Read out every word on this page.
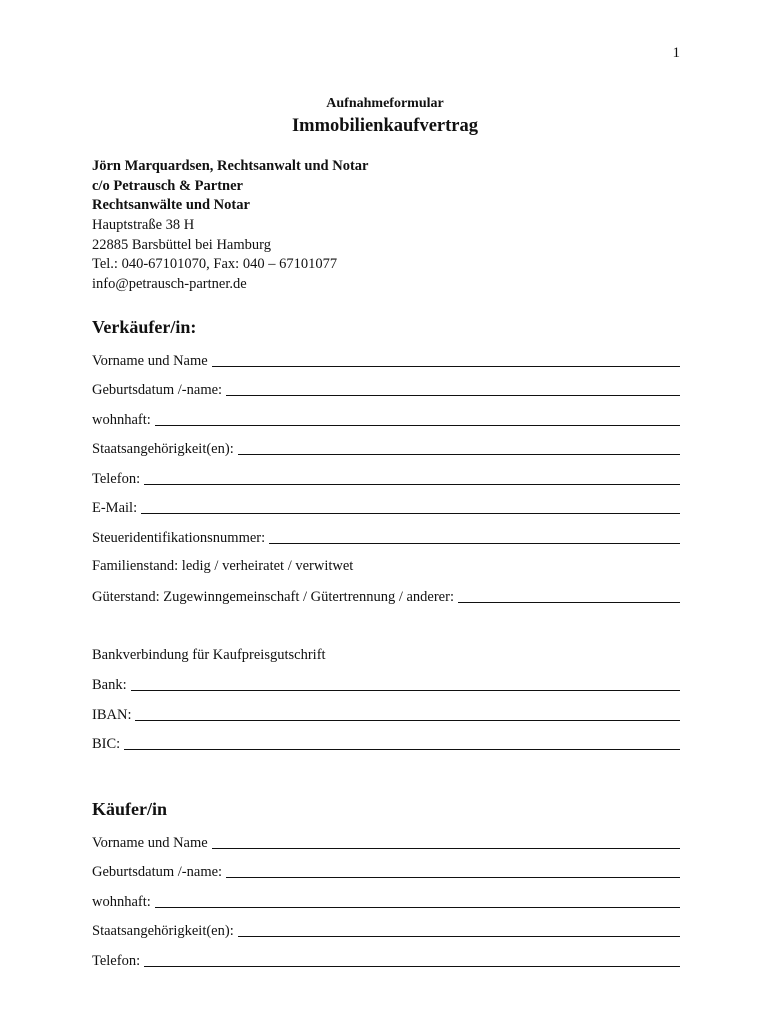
1
Aufnahmeformular
Immobilienkaufvertrag
Jörn Marquardsen, Rechtsanwalt und Notar
c/o Petrausch & Partner
Rechtsanwälte und Notar
Hauptstraße 38 H
22885 Barsbüttel bei Hamburg
Tel.: 040-67101070, Fax: 040 – 67101077
info@petrausch-partner.de
Verkäufer/in:
Vorname und Name
Geburtsdatum /-name:
wohnhaft:
Staatsangehörigkeit(en):
Telefon:
E-Mail:
Steueridentifikationsnummer:
Familienstand: ledig / verheiratet / verwitwet
Güterstand: Zugewinngemeinschaft / Gütertrennung / anderer:
Bankverbindung für Kaufpreisgutschrift
Bank:
IBAN:
BIC:
Käufer/in
Vorname und Name
Geburtsdatum /-name:
wohnhaft:
Staatsangehörigkeit(en):
Telefon:
